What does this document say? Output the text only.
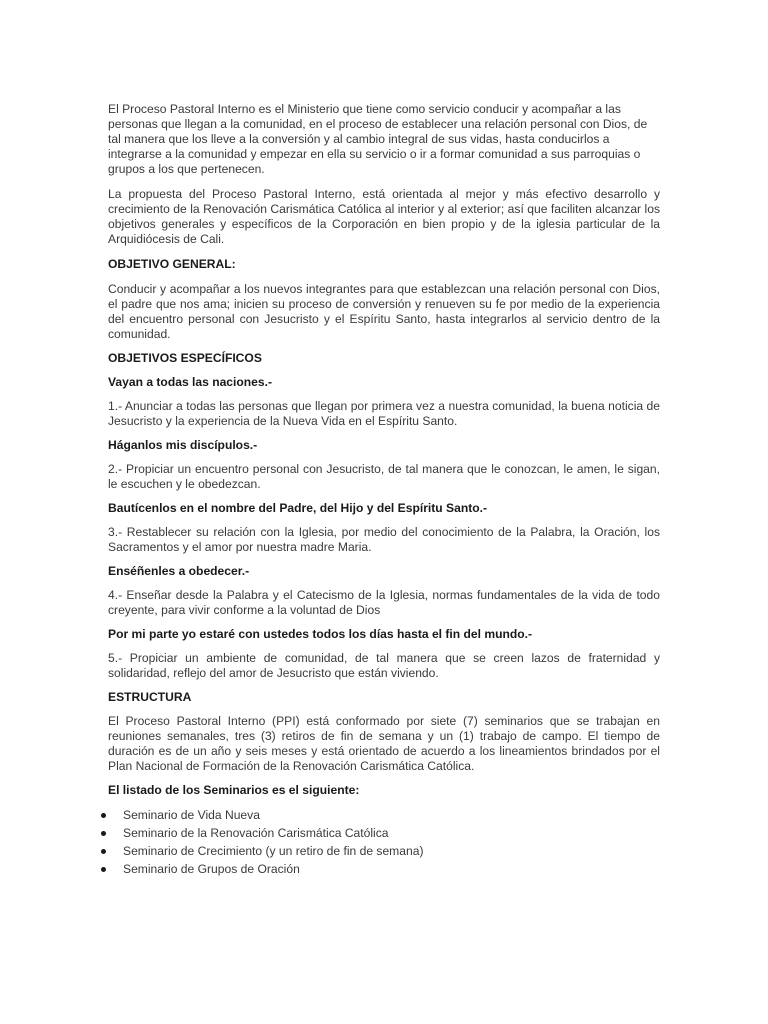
El Proceso Pastoral Interno es el Ministerio que tiene como servicio conducir y acompañar a las personas que llegan a la comunidad, en el proceso de establecer una relación personal con Dios, de tal manera que los lleve a la conversión y al cambio integral de sus vidas, hasta conducirlos a integrarse a la comunidad y empezar en ella su servicio o ir a formar comunidad a sus parroquias o grupos a los que pertenecen.

La propuesta del Proceso Pastoral Interno, está orientada al mejor y más efectivo desarrollo y crecimiento de la Renovación Carismática Católica al interior y al exterior; así que faciliten alcanzar los objetivos generales y específicos de la Corporación en bien propio y de la iglesia particular de la Arquidiócesis de Cali.

OBJETIVO GENERAL:

Conducir y acompañar a los nuevos integrantes para que establezcan una relación personal con Dios, el padre que nos ama; inicien su proceso de conversión y renueven su fe por medio de la experiencia del encuentro personal con Jesucristo y el Espíritu Santo, hasta integrarlos al servicio dentro de la comunidad.

OBJETIVOS ESPECÍFICOS

Vayan a todas las naciones.-

1.- Anunciar a todas las personas que llegan por primera vez a nuestra comunidad, la buena noticia de Jesucristo y la experiencia de la Nueva Vida en el Espíritu Santo.

Háganlos mis discípulos.-

2.- Propiciar un encuentro personal con Jesucristo, de tal manera que le conozcan, le amen, le sigan, le escuchen y le obedezcan.

Bautícenlos en el nombre del Padre, del Hijo y del Espíritu Santo.-

3.- Restablecer su relación con la Iglesia, por medio del conocimiento de la Palabra, la Oración, los Sacramentos y el amor por nuestra madre Maria.

Enséñenles a obedecer.-

4.- Enseñar desde la Palabra y el Catecismo de la Iglesia, normas fundamentales de la vida de todo creyente, para vivir conforme a la voluntad de Dios

Por mi parte yo estaré con ustedes todos los días hasta el fin del mundo.-

5.- Propiciar un ambiente de comunidad, de tal manera que se creen lazos de fraternidad y solidaridad, reflejo del amor de Jesucristo que están viviendo.

ESTRUCTURA

El Proceso Pastoral Interno (PPI) está conformado por siete (7) seminarios que se trabajan en reuniones semanales, tres (3) retiros de fin de semana y un (1) trabajo de campo. El tiempo de duración es de un año y seis meses y está orientado de acuerdo a los lineamientos brindados por el Plan Nacional de Formación de la Renovación Carismática Católica.

El listado de los Seminarios es el siguiente:

Seminario de Vida Nueva
Seminario de la Renovación Carismática Católica
Seminario de Crecimiento (y un retiro de fin de semana)
Seminario de Grupos de Oración
